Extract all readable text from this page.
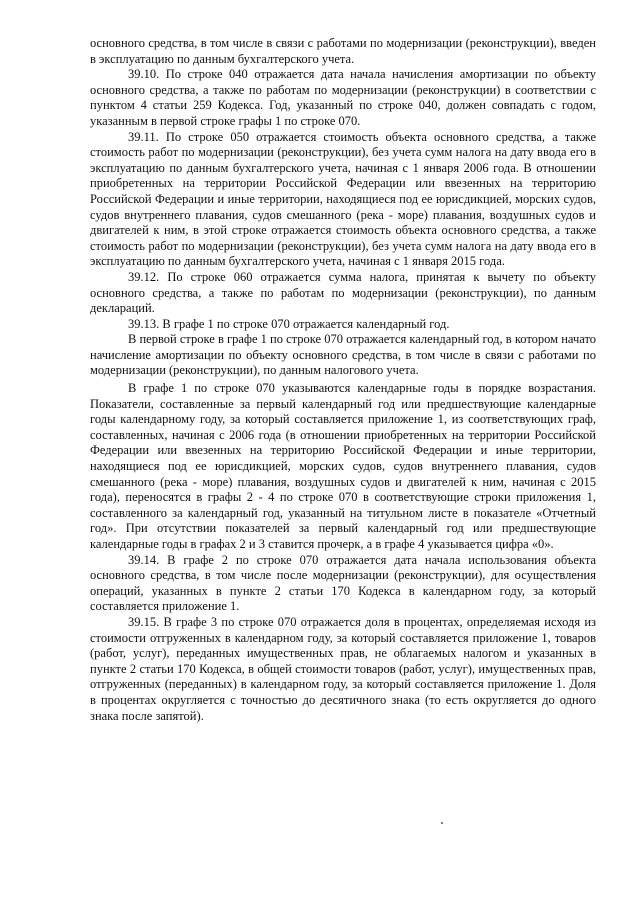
основного средства, в том числе в связи с работами по модернизации (реконструкции), введен в эксплуатацию по данным бухгалтерского учета.

39.10. По строке 040 отражается дата начала начисления амортизации по объекту основного средства, а также по работам по модернизации (реконструкции) в соответствии с пунктом 4 статьи 259 Кодекса. Год, указанный по строке 040, должен совпадать с годом, указанным в первой строке графы 1 по строке 070.

39.11. По строке 050 отражается стоимость объекта основного средства, а также стоимость работ по модернизации (реконструкции), без учета сумм налога на дату ввода его в эксплуатацию по данным бухгалтерского учета, начиная с 1 января 2006 года. В отношении приобретенных на территории Российской Федерации или ввезенных на территорию Российской Федерации и иные территории, находящиеся под ее юрисдикцией, морских судов, судов внутреннего плавания, судов смешанного (река - море) плавания, воздушных судов и двигателей к ним, в этой строке отражается стоимость объекта основного средства, а также стоимость работ по модернизации (реконструкции), без учета сумм налога на дату ввода его в эксплуатацию по данным бухгалтерского учета, начиная с 1 января 2015 года.

39.12. По строке 060 отражается сумма налога, принятая к вычету по объекту основного средства, а также по работам по модернизации (реконструкции), по данным деклараций.

39.13. В графе 1 по строке 070 отражается календарный год.

В первой строке в графе 1 по строке 070 отражается календарный год, в котором начато начисление амортизации по объекту основного средства, в том числе в связи с работами по модернизации (реконструкции), по данным налогового учета.

В графе 1 по строке 070 указываются календарные годы в порядке возрастания. Показатели, составленные за первый календарный год или предшествующие календарные годы календарному году, за который составляется приложение 1, из соответствующих граф, составленных, начиная с 2006 года (в отношении приобретенных на территории Российской Федерации или ввезенных на территорию Российской Федерации и иные территории, находящиеся под ее юрисдикцией, морских судов, судов внутреннего плавания, судов смешанного (река - море) плавания, воздушных судов и двигателей к ним, начиная с 2015 года), переносятся в графы 2 - 4 по строке 070 в соответствующие строки приложения 1, составленного за календарный год, указанный на титульном листе в показателе «Отчетный год». При отсутствии показателей за первый календарный год или предшествующие календарные годы в графах 2 и 3 ставится прочерк, а в графе 4 указывается цифра «0».

39.14. В графе 2 по строке 070 отражается дата начала использования объекта основного средства, в том числе после модернизации (реконструкции), для осуществления операций, указанных в пункте 2 статьи 170 Кодекса в календарном году, за который составляется приложение 1.

39.15. В графе 3 по строке 070 отражается доля в процентах, определяемая исходя из стоимости отгруженных в календарном году, за который составляется приложение 1, товаров (работ, услуг), переданных имущественных прав, не облагаемых налогом и указанных в пункте 2 статьи 170 Кодекса, в общей стоимости товаров (работ, услуг), имущественных прав, отгруженных (переданных) в календарном году, за который составляется приложение 1. Доля в процентах округляется с точностью до десятичного знака (то есть округляется до одного знака после запятой).
